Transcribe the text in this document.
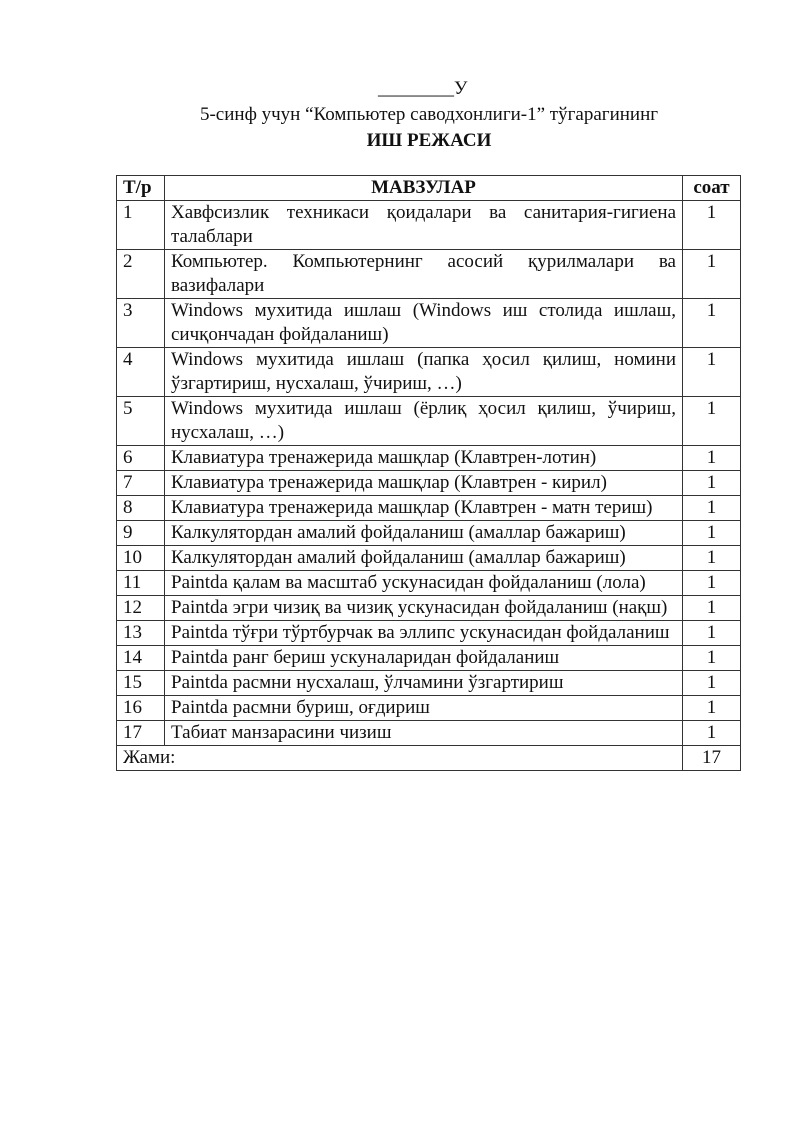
________У
5-синф учун “Компьютер саводхонлиги-1” тўгарагининг
ИШ РЕЖАСИ
Т/р	МАВЗУЛАР	соат
1	Хавфсизлик техникаси қоидалари ва санитария-гигиена талаблари	1
2	Компьютер. Компьютернинг асосий қурилмалари ва вазифалари	1
3	Windows мухитида ишлаш (Windows иш столида ишлаш, сичқончадан фойдаланиш)	1
4	Windows мухитида ишлаш (папка ҳосил қилиш, номини ўзгартириш, нусхалаш, ўчириш, …)	1
5	Windows мухитида ишлаш (ёрлиқ ҳосил қилиш, ўчириш, нусхалаш, …)	1
6	Клавиатура тренажерида машқлар (Клавтрен-лотин)	1
7	Клавиатура тренажерида машқлар (Клавтрен - кирил)	1
8	Клавиатура тренажерида машқлар (Клавтрен - матн териш)	1
9	Калкулятордан амалий фойдаланиш (амаллар бажариш)	1
10	Калкулятордан амалий фойдаланиш (амаллар бажариш)	1
11	Paintda қалам ва масштаб ускунасидан фойдаланиш (лола)	1
12	Paintda эгри чизиқ ва чизиқ ускунасидан фойдаланиш (нақш)	1
13	Paintda тўғри тўртбурчак ва эллипс ускунасидан фойдаланиш	1
14	Paintda ранг бериш ускуналаридан фойдаланиш	1
15	Paintda расмни нусхалаш, ўлчамини ўзгартириш	1
16	Paintda расмни буриш, оғдириш	1
17	Табиат манзарасини чизиш	1
Жами:		17
